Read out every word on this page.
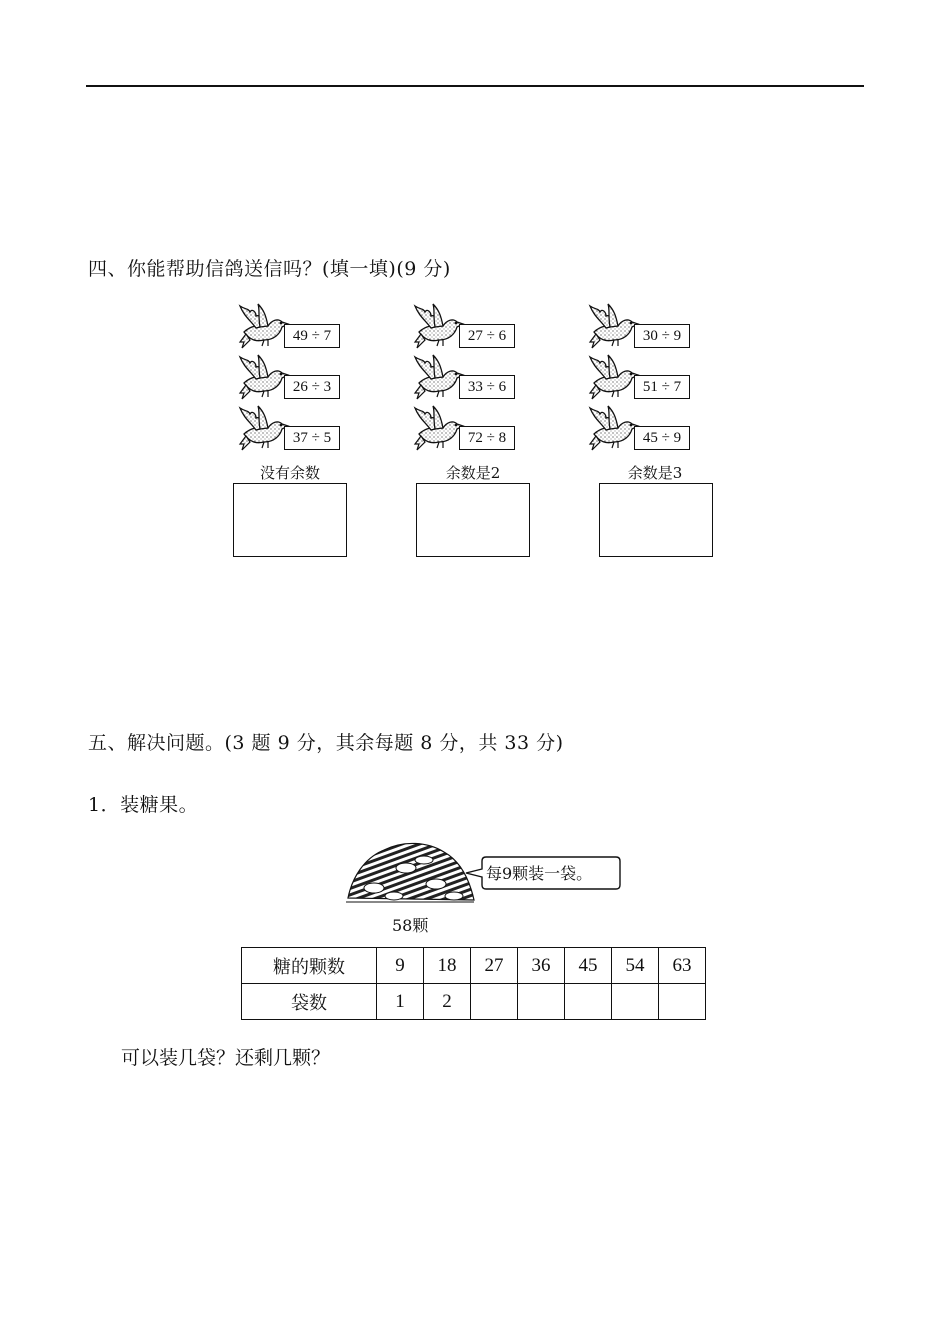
四、你能帮助信鸽送信吗？(填一填)(9 分)
49 ÷ 7
26 ÷ 3
37 ÷ 5
27 ÷ 6
33 ÷ 6
72 ÷ 8
30 ÷ 9
51 ÷ 7
45 ÷ 9
没有余数	余数是2	余数是3
五、解决问题。(3 题 9 分，其余每题 8 分，共 33 分)
1．装糖果。
每9颗装一袋。
58颗
糖的颗数	9	18	27	36	45	54	63
袋数	1	2					
可以装几袋？还剩几颗？
